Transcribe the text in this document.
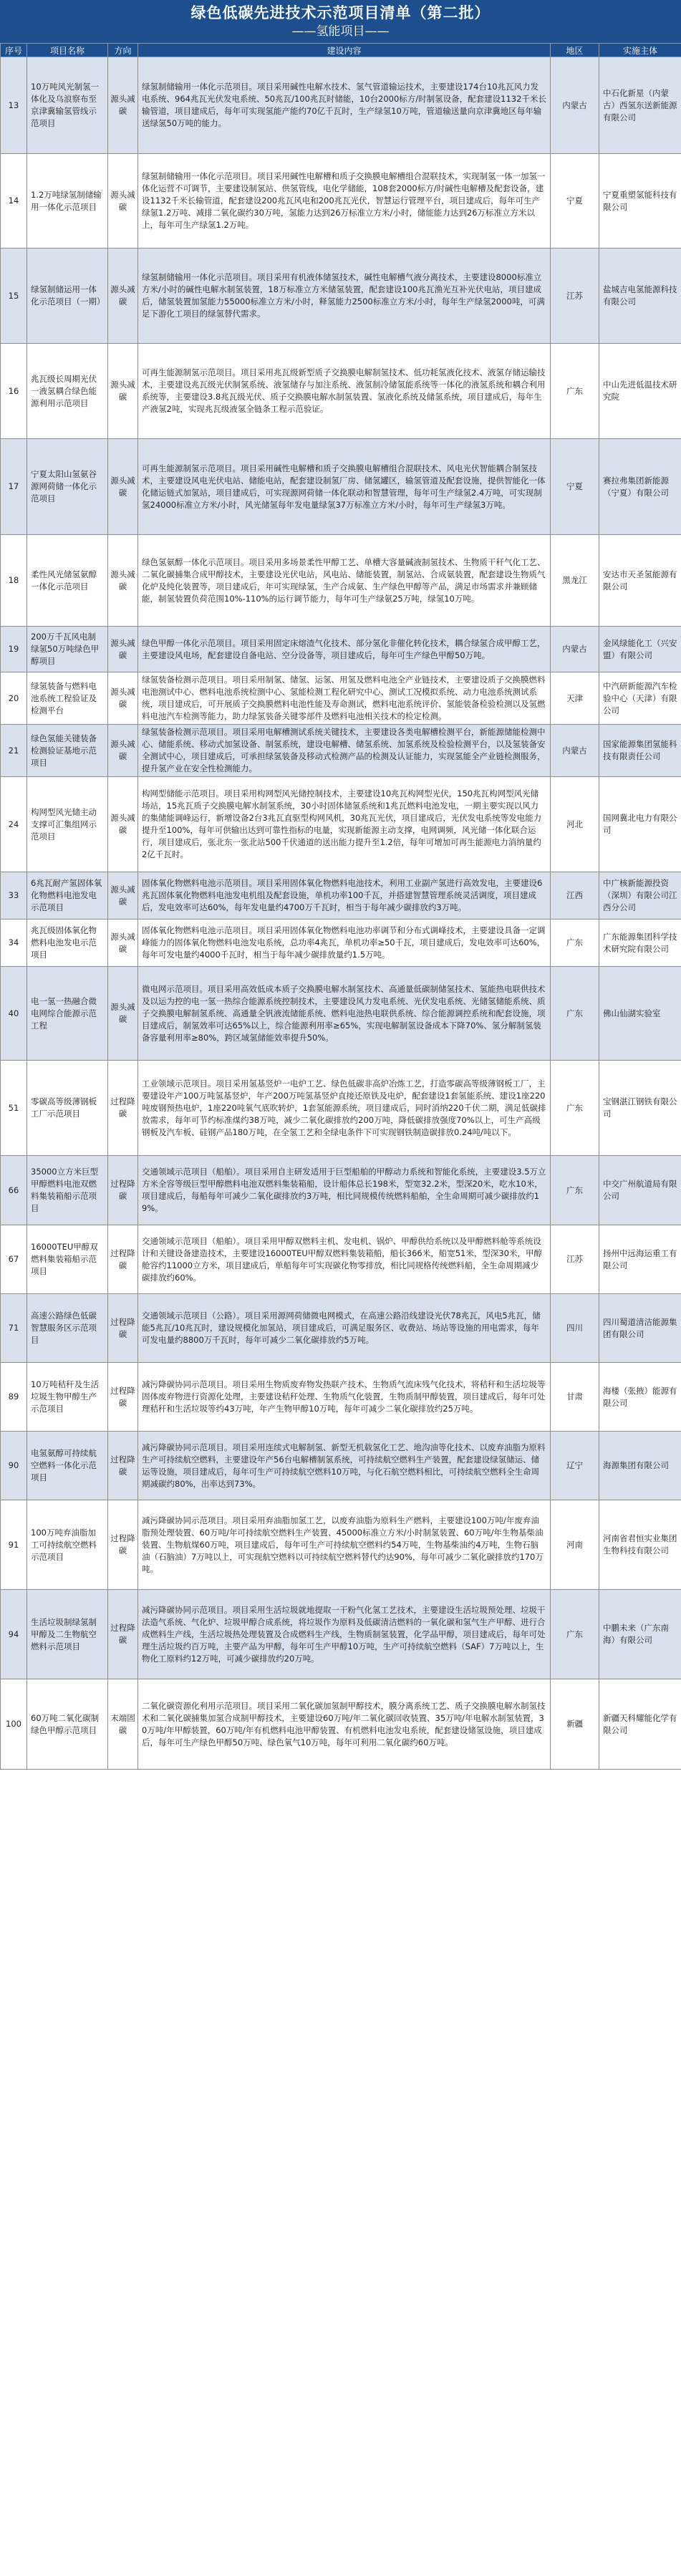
绿色低碳先进技术示范项目清单（第二批）
——氢能项目——
序号	项目名称	方向	建设内容	地区	实施主体
13	10万吨风光制氢一体化及乌浪察布至京津冀输氢管线示范项目	源头减碳	绿氢制储输用一体化示范项目。项目采用碱性电解水技术、氢气管道输运技术，主要建设174台10兆瓦风力发电系统、964兆瓦光伏发电系统、50兆瓦/100兆瓦时储能，10台2000标方/时制氢设备，配套建设1132千米长输管道，项目建成后，每年可实现氢能产能约70亿千瓦时，生产绿氢10万吨，管道输送量向京津冀地区每年输送绿氢50万吨的能力。	内蒙古	中石化新星（内蒙古）西氢东送新能源有限公司
14	1.2万吨绿氢制储输用一体化示范项目	源头减碳	绿氢制储输用一体化示范项目。项目采用碱性电解槽和质子交换膜电解槽组合混联技术，实现制氢一体一加氢一体化运营不可调节，主要建设制氢站、供氢管线，电化学储能，108套2000标方/时碱性电解槽及配套设备，建设1132千米长输管道，配套建设200兆瓦风电和200兆瓦光伏，智慧运行管理平台，项目建成后，每年可生产绿氢1.2万吨、减排二氧化碳约30万吨，氢能力达到26万标准立方米/小时，储能能力达到26万标准立方米以上，每年可生产绿氢1.2万吨。	宁夏	宁夏重塑氢能科技有限公司
15	绿氢制储运用一体化示范项目（一期）	源头减碳	绿氢制储输用一体化示范项目。项目采用有机液体储氢技术，碱性电解槽气液分离技术，主要建设8000标准立方米/小时的碱性电解水制氢装置，18万标准立方米储氢装置，配套建设100兆瓦渔光互补光伏电站，项目建成后，储氢装置加氢能力55000标准立方米/小时，释氢能力2500标准立方米/小时，每年生产绿氢2000吨，可满足下游化工项目的绿氢替代需求。	江苏	盐城吉电氢能源科技有限公司
16	兆瓦级长周期光伏一液氢耦合绿色能源利用示范项目	源头减碳	可再生能源制氢示范项目。项目采用兆瓦级新型质子交换膜电解制氢技术、低功耗氢液化技术、液氢存储运输技术，主要建设兆瓦级光伏制氢系统、液氢储存与加注系统、液氢制冷储氢能系统等一体化的液氢系统和耦合利用系统等，主要建设3.8兆瓦级光伏、质子交换膜电解水制氢装置、氢液化系统及储氢系统，项目建成后，每年生产液氢2吨，实现兆瓦级液氢全链条工程示范验证。	广东	中山先进低温技术研究院
17	宁夏太阳山氢氨谷源网荷储一体化示范项目	源头减碳	可再生能源制氢示范项目。项目采用碱性电解槽和质子交换膜电解槽组合混联技术、风电光伏智能耦合制氢技术，主要建设风电光伏电站、储能电站，配套建设制氢厂房、储氢罐区，输氢管道及配套设施，提供智能化一体化储运链式加氢站，项目建成后，可实现源网荷储一体化联动和智慧管理，每年可生产绿氢2.4万吨，可实现制氢24000标准立方米/小时，风光储氢每年发电量绿氢37万标准立方米/小时，每年可生产绿氢3万吨。	宁夏	赛拉弗集团新能源（宁夏）有限公司
18	柔性风光储氢氨醇一体化示范项目	源头减碳	绿色氢氨醇一体化示范项目。项目采用多场景柔性甲醇工艺、单槽大容量碱液制氢技术、生物质干秆气化工艺、二氧化碳捕集合成甲醇技术，主要建设光伏电站，风电站、储能装置，制氢站、合成氨装置，配套建设生物质气化炉及纯化装置等，项目建成后，年可实现绿氢，生产合成氨、生产绿色甲醇等产品，满足市场需求并兼顾储能，制氢装置负荷范围10%-110%的运行调节能力，每年可生产绿氨25万吨，绿氢10万吨。	黑龙江	安达市天圣氢能源有限公司
19	200万千瓦风电制绿氢50万吨绿色甲醇项目	源头减碳	绿色甲醇一体化示范项目。项目采用固定床熔渣气化技术、部分氢化非催化转化技术，耦合绿氢合成甲醇工艺，主要建设风电场，配套建设自备电站、空分设备等，项目建成后，每年可生产绿色甲醇50万吨。	内蒙古	金风绿能化工（兴安盟）有限公司
20	绿氢装备与燃料电池系统工程验证及检测平台	源头减碳	绿氢装备检测示范项目。项目采用制氢、储氢、运氢、用氢及燃料电池全产业链技术，主要建设质子交换膜燃料电池测试中心、燃料电池系统检测中心、氢能检测工程化研究中心、测试工况模拟系统、动力电池系统测试系统，项目建成后，可开展质子交换膜燃料电池性能及寿命测试，燃料电池系统评价、氢能装备检验检测以及氢燃料电池汽车检测等能力，助力绿氢装备关键零部件及燃料电池相关技术的检定检测。	天津	中汽研新能源汽车检验中心（天津）有限公司
21	绿色氢能关键装备检测验证基地示范项目	源头减碳	绿氢装备检测示范项目。项目采用电解槽测试系统关键技术，主要建设各类电解槽检测平台，新能源储能检测中心、储能系统、移动式加氢设备、制氢系统，建设电解槽、储氢系统、加氢系统及检验检测平台，以及氢装备安全测试中心，项目建成后，可承担绿氢装备及移动式检测产品的检测及认证能力，实现氢能全产业链检测服务，提升氢产业在安全性检测能力。	内蒙古	国家能源集团氢能科技有限责任公司
24	构网型风光储主动支撑可汇集组网示范项目	源头减碳	构网型储能示范项目。项目采用构网型风光储控制技术，主要建设10兆瓦构网型光伏，150兆瓦构网型风光储场站，15兆瓦质子交换膜电解水制氢系统，30小时固体储氢系统和1兆瓦燃料电池发电，一期主要实现以风力的集储能调峰运行，新增设备2台3兆瓦直驱型构网风机，30兆瓦光伏，项目建成后，光伏发电系统等发电能力提升至100%，每年可供输出达到可靠性指标的电量，实现新能源主动支撑，电网调频，风光储一体化联合运行，项目建成后，张北东一张北站500千伏通道的送出能力提升至1.2倍，每年可增加可再生能源电力消纳量约2亿千瓦时。	河北	国网冀北电力有限公司
33	6兆瓦耐产氢固体氧化物燃料电池发电示范项目	源头减碳	固体氧化物燃料电池示范项目。项目采用固体氧化物燃料电池技术，利用工业副产氢进行高效发电，主要建设6兆瓦固体氧化物燃料电池发电机组及配套设施，单机功率100千瓦，并搭建智慧管理系统灵活调度，项目建成后，发电效率可达60%，每年发电量约4700万千瓦时，相当于每年减少碳排放约3万吨。	江西	中广核新能源投资（深圳）有限公司江西分公司
34	兆瓦级固体氧化物燃料电池发电示范项目	源头减碳	固体氧化物燃料电池示范项目。项目采用固体氧化物燃料电池功率调节和分布式调峰技术，主要建设具备一定调峰能力的固体氧化物燃料电池发电系统，总功率4兆瓦，单机功率≥50千瓦，项目建成后，发电效率可达60%，每年可发电量约4000千瓦时，相当于每年减少碳排放量约1.5万吨。	广东	广东能源集团科学技术研究院有限公司
40	电一氢一热融合微电网综合能源示范工程	源头减碳	微电网示范项目。项目采用高效低成本质子交换膜电解水制氢技术、高通量低碳制储氢技术、氢能热电联供技术及以运为控的电一氢一热综合能源系统控制技术，主要建设风力发电系统、光伏发电系统、光储氢储能系统、质子交换膜电解制氢系统、高通量全钒液流储能系统、燃料电池热电联供系统、综合能源调控系统和配套设施，项目建成后，制氢效率可达65%以上，综合能源利用率≥65%，实现电解制氢设备成本下降70%、氢分解制氢装备容量利用率≥80%，跨区域氢储能效率提升50%。	广东	佛山仙湖实验室
51	零碳高等级薄钢板工厂示范项目	过程降碳	工业领域示范项目。项目采用氢基竖炉一电炉工艺、绿色低碳非高炉冶炼工艺，打造零碳高等级薄钢板工厂，主要建设年产100万吨氢基竖炉，年产200万吨氢基竖炉直接还原铁及电炉，配套建设1套氢能系统、建设1座220吨废钢预热电炉，1座220吨氧气底吹转炉，1套氢能源系统，项目建成后，同时消纳220千伏二期，满足低碳排放需求，每年可节约标准煤约38万吨，减少二氧化碳排放约200万吨，降低碳排放强度70%以上，可生产高级钢板及汽车板、硅钢产品180万吨，在全氢工艺和全绿电条件下可实现钢铁制造碳排放0.24吨/吨以下。	广东	宝钢湛江钢铁有限公司
66	35000立方米巨型甲醇燃料电池双燃料集装箱船示范项目	过程降碳	交通领域示范项目（船舶）。项目采用自主研发适用于巨型船舶的甲醇动力系统和智能化系统，主要建设3.5万立方米全容等级巨型甲醇燃料电池双燃料集装箱船，设计船体总长198米，型宽32.2米，型深20米，吃水10米，项目建成后，每船每年可减少二氧化碳排放约3万吨，相比同规模传统燃料船舶，全生命周期可减少碳排放约19%。	广东	中交广州航道局有限公司
67	16000TEU甲醇双燃料集装箱船示范项目	过程降碳	交通领域示范项目（船舶）。项目采用甲醇双燃料主机、发电机、锅炉、甲醇供给系统以及甲醇燃料舱等系统设计和关键设备建造技术，主要建设16000TEU甲醇双燃料集装箱船，船长366米，船宽51米，型深30米，甲醇舱容约11000立方米，项目建成后，单船每年可实现碳化物零排放，相比同规格传统燃料船，全生命周期减少碳排放约60%。	江苏	扬州中远海运重工有限公司
71	高速公路绿色低碳智慧服务区示范项目	过程降碳	交通领域示范项目（公路）。项目采用源网荷储微电网模式，在高速公路沿线建设光伏78兆瓦，风电5兆瓦，储能5兆瓦/10兆瓦时，建设规模化加氢站，项目建成后，可满足服务区、收费站、场站等设施的用电需求，每年可发电量约8800万千瓦时，每年可减少二氧化碳排放约5万吨。	四川	四川蜀道清洁能源集团有限公司
89	10万吨秸秆及生活垃圾生物甲醇生产示范项目	过程降碳	减污降碳协同示范项目。项目采用生物质废弃物发热联产技术、生物质气流床残气化技术，将秸秆和生活垃圾等固体废弃物进行资源化处理，主要建设秸秆处理、生物质气化装置，生物质制甲醇装置，项目建成后，每年可处理秸秆和生活垃圾等约43万吨，年产生物甲醇10万吨，每年可减少二氧化碳排放约25万吨。	甘肃	海楼（张掖）能源有限公司
90	电氢氨醇可持续航空燃料一体化示范项目	过程降碳	减污降碳协同示范项目。项目采用连续式电解制氢、新型无机载氢化工艺、地沟油等化技术、以废弃油脂为原料生产可持续航空燃料，主要建设年产56台电解槽制氢系统，可持续航空燃料生产装置，配套建设绿氢储运、储运等设施，项目建成后，每年可生产可持续航空燃料10万吨，与化石航空燃料相比，可持续航空燃料全生命周期减碳约80%，出率达到73%。	辽宁	海源集团有限公司
91	100万吨弃油脂加工可持续航空燃料示范项目	过程降碳	减污降碳协同示范项目。项目采用弃油脂加氢工艺，以废弃油脂为原料生产燃料，主要建设100万吨/年废弃油脂预处理装置、60万吨/年可持续航空燃料生产装置、45000标准立方米/小时制氢装置、60万吨/年生物基柴油装置、生物航煤60万吨，项目建成后，每年可生产可持续航空燃料约54万吨，生物基柴油约4万吨，生物石脑油（石脑油）7万吨以上，可实现航空燃料以可持续航空燃料替代约达90%，每年可减少二氧化碳排放约170万吨。	河南	河南省君恒实业集团生物科技有限公司
94	生活垃圾制绿氢制甲醇及二生物航空燃料示范项目	过程降碳	减污降碳协同示范项目。项目采用生活垃圾就地提取一干粉气化氢工艺技术，主要建设生活垃圾预处理、垃圾干法造气系统、气化炉、垃圾甲醇合成系统，将垃圾作为原料及低碳清洁燃料的一氧化碳和氢气生产甲醇、进行合成燃料生产线，生活垃圾热处理装置及合成燃料生产线，生物质制氢装置，化学品甲醇，项目建成后，每年可处理生活垃圾约百万吨，主要产品为甲醇，每年可生产甲醇10万吨，生产可持续航空燃料（SAF）7万吨以上，生物化工原料约12万吨，可减少碳排放约20万吨。	广东	中鹏未来（广东南海）有限公司
100	60万吨二氧化碳制绿色甲醇示范项目	末端固碳	二氧化碳资源化利用示范项目。项目采用二氧化碳加氢制甲醇技术，膜分离系统工艺、质子交换膜电解水制氢技术和二氧化碳捕集加氢合成制甲醇技术，主要建设60万吨/年二氧化碳回收装置、35万吨/年电解水制氢装置，30万吨/年甲醇装置，60万吨/年有机燃料电池甲醇装置、有机燃料电池发电系统，配套建设储氢设施，项目建成后，每年可生产绿色甲醇50万吨、绿色氧气10万吨，每年可利用二氧化碳约60万吨。	新疆	新疆天科耀能化学有限公司
